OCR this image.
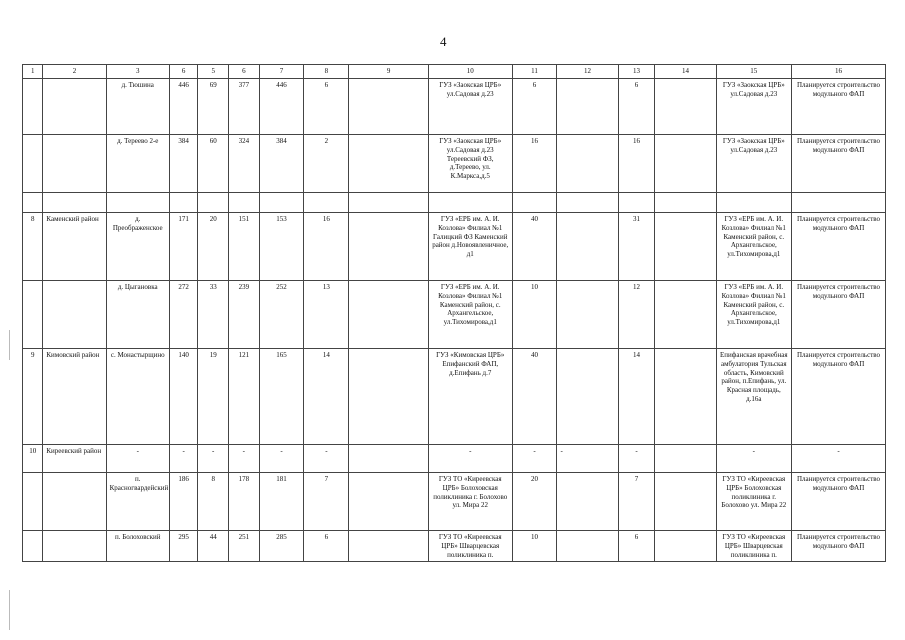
4
1	2	3	6	5	6	7	8	9	10	11	12	13	14	15	16
		д. Тюшина	446	69	377	446	6		ГУЗ «Заокская ЦРБ» ул.Садовая д.23	6		6		ГУЗ «Заокская ЦРБ» ул.Садовая д.23	Планируется строительство модульного ФАП
		д. Тереево 2-е	384	60	324	384	2		ГУЗ «Заокская ЦРБ» ул.Садовая д.23 Тереевский ФЗ, д.Тереево, ул. К.Маркса,д.5	16		16		ГУЗ «Заокская ЦРБ» ул.Садовая д.23	Планируется строительство модульного ФАП

8	Каменский район	д. Преображенское	171	20	151	153	16		ГУЗ «ЕРБ им. А. И. Козлова» Филиал №1 Галицкий ФЗ Каменский район д.Новоявленичное, д1	40		31		ГУЗ «ЕРБ им. А. И. Козлова» Филиал №1 Каменский район, с. Архангельское, ул.Тихомирова,д1	Планируется строительство модульного ФАП
		д. Цыгановка	272	33	239	252	13		ГУЗ «ЕРБ им. А. И. Козлова» Филиал №1 Каменский район, с. Архангельское, ул.Тихомирова,д1	10		12		ГУЗ «ЕРБ им. А. И. Козлова» Филиал №1 Каменский район, с. Архангельское, ул.Тихомирова,д1	Планируется строительство модульного ФАП
9	Кимовский район	с. Монастырщино	140	19	121	165	14		ГУЗ «Кимовская ЦРБ» Епифанский ФАП, д.Епифань д.7	40		14		Епифанская врачебная амбулатория Тульская область, Кимовский район, п.Епифань, ул. Красная площадь, д.16а	Планируется строительство модульного ФАП
10	Киреевский район	-	-	-	-	-	-		-	-	-	-		-	-
		п. Красногвардейский	186	8	178	181	7		ГУЗ ТО «Киреевская ЦРБ» Болоховская поликлиника г. Болохово ул. Мира 22	20		7		ГУЗ ТО «Киреевская ЦРБ» Болоховская поликлиника г. Болохово ул. Мира 22	Планируется строительство модульного ФАП
		п. Болоховский	295	44	251	285	6		ГУЗ ТО «Киреевская ЦРБ» Шварцевская поликлиника п.	10		6		ГУЗ ТО «Киреевская ЦРБ» Шварцевская поликлиника п.	Планируется строительство модульного ФАП
